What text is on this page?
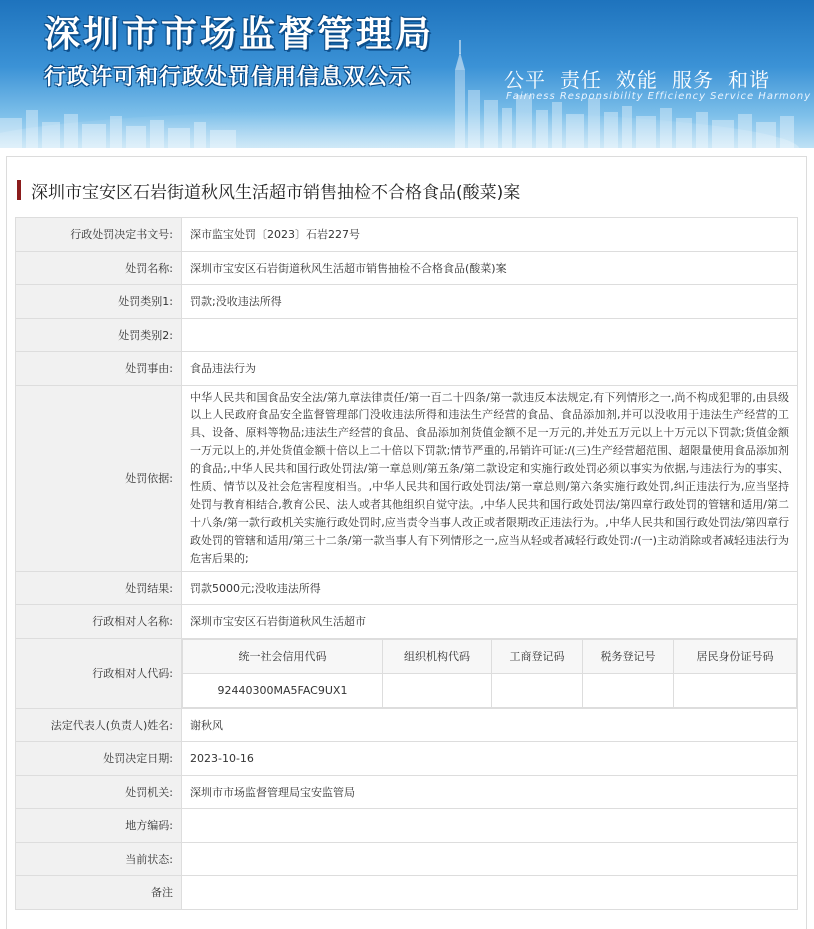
深圳市市场监督管理局
行政许可和行政处罚信用信息双公示	公平 责任 效能 服务 和谐
Fairness Responsibility Efficiency Service Harmony
深圳市宝安区石岩街道秋风生活超市销售抽检不合格食品(酸菜)案
行政处罚决定书文号:	深市监宝处罚〔2023〕石岩227号
处罚名称:	深圳市宝安区石岩街道秋风生活超市销售抽检不合格食品(酸菜)案
处罚类别1:	罚款;没收违法所得
处罚类别2:	
处罚事由:	食品违法行为
处罚依据:	中华人民共和国食品安全法/第九章法律责任/第一百二十四条/第一款违反本法规定,有下列情形之一,尚不构成犯罪的,由县级以上人民政府食品安全监督管理部门没收违法所得和违法生产经营的食品、食品添加剂,并可以没收用于违法生产经营的工具、设备、原料等物品;违法生产经营的食品、食品添加剂货值金额不足一万元的,并处五万元以上十万元以下罚款;货值金额一万元以上的,并处货值金额十倍以上二十倍以下罚款;情节严重的,吊销许可证:/(三)生产经营超范围、超限量使用食品添加剂的食品;,中华人民共和国行政处罚法/第一章总则/第五条/第二款设定和实施行政处罚必须以事实为依据,与违法行为的事实、性质、情节以及社会危害程度相当。,中华人民共和国行政处罚法/第一章总则/第六条实施行政处罚,纠正违法行为,应当坚持处罚与教育相结合,教育公民、法人或者其他组织自觉守法。,中华人民共和国行政处罚法/第四章行政处罚的管辖和适用/第二十八条/第一款行政机关实施行政处罚时,应当责令当事人改正或者限期改正违法行为。,中华人民共和国行政处罚法/第四章行政处罚的管辖和适用/第三十二条/第一款当事人有下列情形之一,应当从轻或者减轻行政处罚:/(一)主动消除或者减轻违法行为危害后果的;
处罚结果:	罚款5000元;没收违法所得
行政相对人名称:	深圳市宝安区石岩街道秋风生活超市
行政相对人代码:	
统一社会信用代码	组织机构代码	工商登记码	税务登记号	居民身份证号码
92440300MA5FAC9UX1				

法定代表人(负责人)姓名:	谢秋风
处罚决定日期:	2023-10-16
处罚机关:	深圳市市场监督管理局宝安监管局
地方编码:	
当前状态:	
备注	
